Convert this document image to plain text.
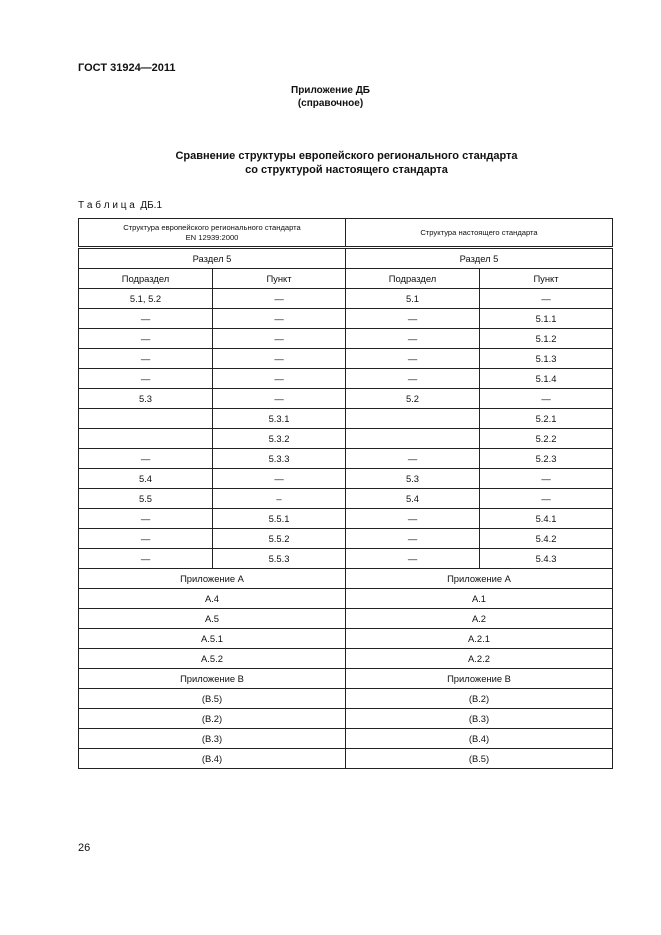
ГОСТ 31924—2011
Приложение ДБ
(справочное)
Сравнение структуры европейского регионального стандарта
со структурой настоящего стандарта
Т а б л и ц а  ДБ.1
Структура европейского регионального стандарта
EN 12939:2000		Структура настоящего стандарта	
Раздел 5		Раздел 5	
Подраздел	Пункт	Подраздел	Пункт
5.1, 5.2	—	5.1	—
—	—	—	5.1.1
—	—	—	5.1.2
—	—	—	5.1.3
—	—	—	5.1.4
5.3	—	5.2	—
	5.3.1		5.2.1
	5.3.2		5.2.2
—	5.3.3	—	5.2.3
5.4	—	5.3	—
5.5	–	5.4	—
—	5.5.1	—	5.4.1
—	5.5.2	—	5.4.2
—	5.5.3	—	5.4.3
Приложение А		Приложение А	
А.4		А.1	
А.5		А.2	
А.5.1		А.2.1	
А.5.2		А.2.2	
Приложение В		Приложение В	
(В.5)		(В.2)	
(В.2)		(В.3)	
(В.3)		(В.4)	
(В.4)		(В.5)	
26
